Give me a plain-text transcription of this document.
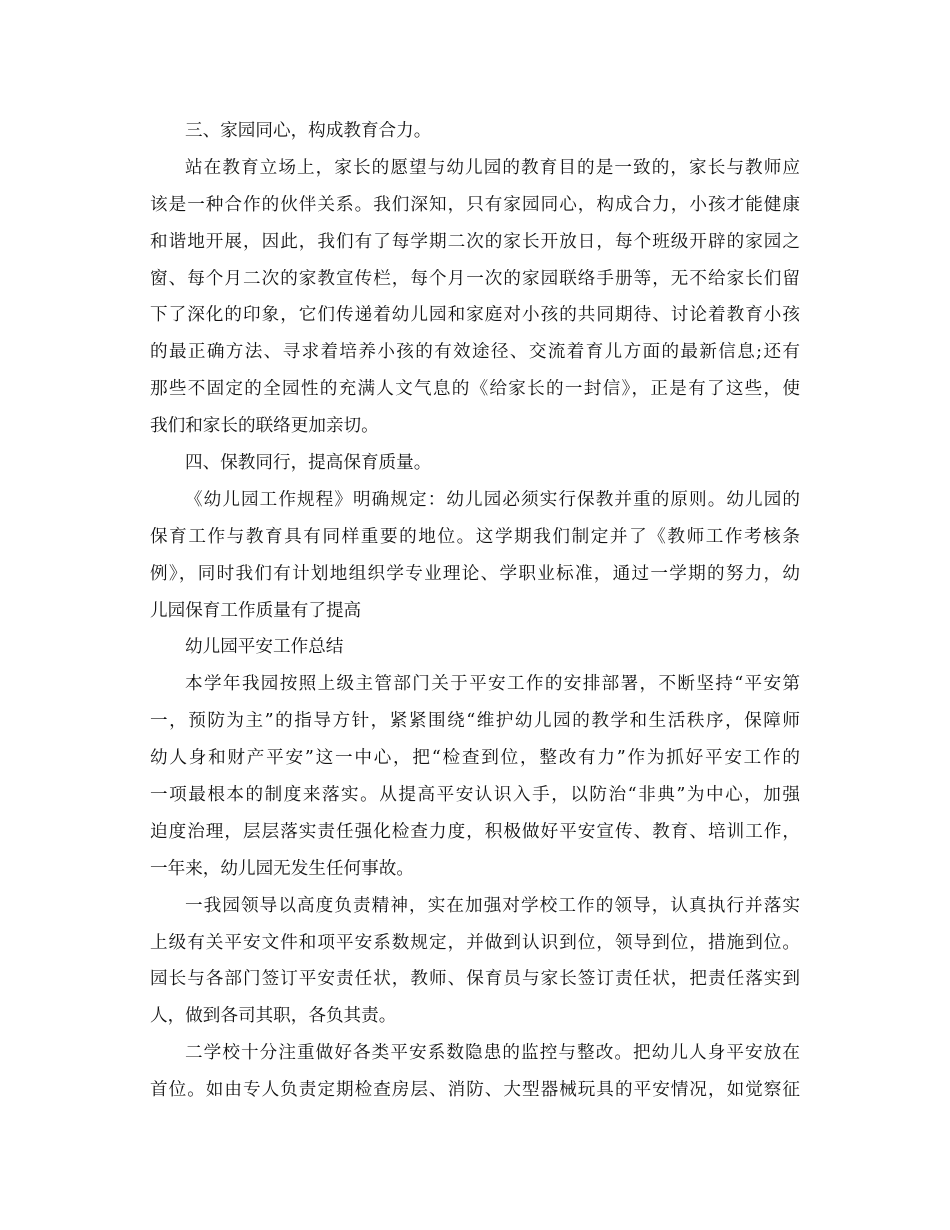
三、家园同心，构成教育合力。
站在教育立场上，家长的愿望与幼儿园的教育目的是一致的，家长与教师应
该是一种合作的伙伴关系。我们深知，只有家园同心，构成合力，小孩才能健康
和谐地开展，因此，我们有了每学期二次的家长开放日，每个班级开辟的家园之
窗、每个月二次的家教宣传栏，每个月一次的家园联络手册等，无不给家长们留
下了深化的印象，它们传递着幼儿园和家庭对小孩的共同期待、讨论着教育小孩
的最正确方法、寻求着培养小孩的有效途径、交流着育儿方面的最新信息;还有
那些不固定的全园性的充满人文气息的《给家长的一封信》，正是有了这些，使
我们和家长的联络更加亲切。
四、保教同行，提高保育质量。
《幼儿园工作规程》明确规定：幼儿园必须实行保教并重的原则。幼儿园的
保育工作与教育具有同样重要的地位。这学期我们制定并了《教师工作考核条
例》，同时我们有计划地组织学专业理论、学职业标准，通过一学期的努力，幼
儿园保育工作质量有了提高
幼儿园平安工作总结
本学年我园按照上级主管部门关于平安工作的安排部署，不断坚持“平安第
一，预防为主”的指导方针，紧紧围绕“维护幼儿园的教学和生活秩序，保障师
幼人身和财产平安”这一中心，把“检查到位，整改有力”作为抓好平安工作的
一项最根本的制度来落实。从提高平安认识入手，以防治“非典”为中心，加强
迫度治理，层层落实责任强化检查力度，积极做好平安宣传、教育、培训工作，
一年来，幼儿园无发生任何事故。
一我园领导以高度负责精神，实在加强对学校工作的领导，认真执行并落实
上级有关平安文件和项平安系数规定，并做到认识到位，领导到位，措施到位。
园长与各部门签订平安责任状，教师、保育员与家长签订责任状，把责任落实到
人，做到各司其职，各负其责。
二学校十分注重做好各类平安系数隐患的监控与整改。把幼儿人身平安放在
首位。如由专人负责定期检查房层、消防、大型器械玩具的平安情况，如觉察征
